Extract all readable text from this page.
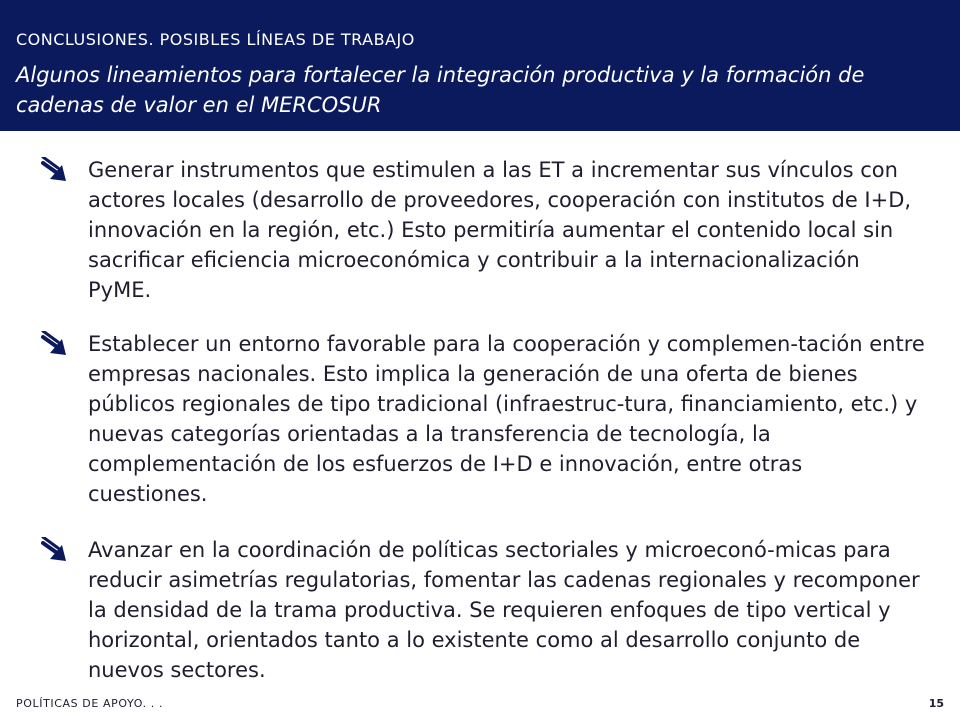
CONCLUSIONES. POSIBLES LÍNEAS DE TRABAJO
Algunos lineamientos para fortalecer la integración productiva y la formación de cadenas de valor en el MERCOSUR

Generar instrumentos que estimulen a las ET a incrementar sus vínculos con actores locales (desarrollo de proveedores, cooperación con institutos de I+D, innovación en la región, etc.) Esto permitiría aumentar el contenido local sin sacrificar eficiencia microeconómica y contribuir a la internacionalización PyME.

Establecer un entorno favorable para la cooperación y complemen-tación entre empresas nacionales. Esto implica la generación de una oferta de bienes públicos regionales de tipo tradicional (infraestruc-tura, financiamiento, etc.) y nuevas categorías orientadas a la transferencia de tecnología, la complementación de los esfuerzos de I+D e innovación, entre otras cuestiones.

Avanzar en la coordinación de políticas sectoriales y microeconó-micas para reducir asimetrías regulatorias, fomentar las cadenas regionales y recomponer la densidad de la trama productiva. Se requieren enfoques de tipo vertical y horizontal, orientados tanto a lo existente como al desarrollo conjunto de nuevos sectores.

POLÍTICAS DE APOYO. . .	15
